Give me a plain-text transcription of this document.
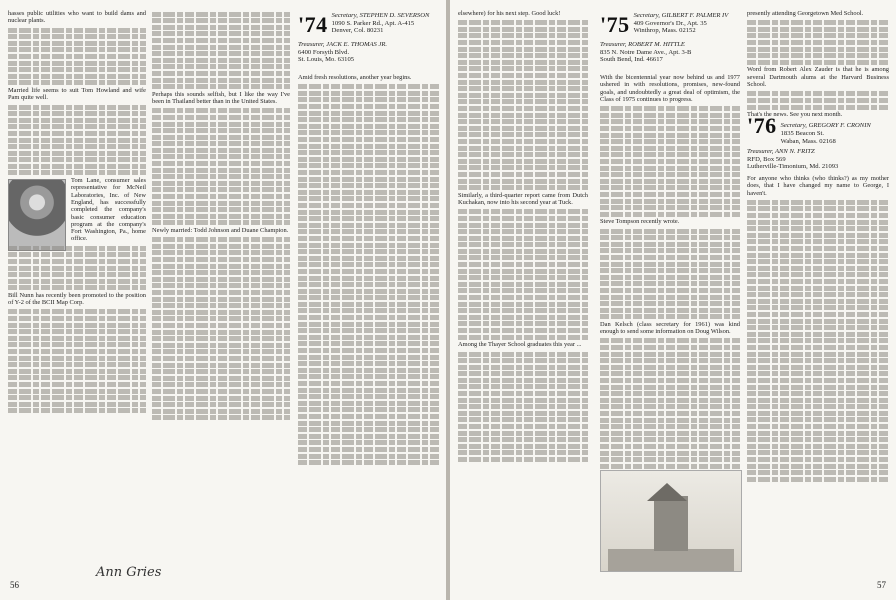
hasses public utilities who want to build dams and nuclear plants.

Married life seems to suit Tom Howland and wife Pam quite well.

Tom Lane, consumer sales representative for McNeil Laboratories, Inc. of New England, has successfully completed the company's basic consumer education program at the company's Fort Washington, Pa., home office.

Bill Nunn has recently been promoted to the position of Y-2 of the BCII Map Corp.

Perhaps this sounds selfish, but I like the way I've been in Thailand better than in the United States.

Newly married: Todd Johnson and Duane Champion.

Ann Gries
'74 Secretary, STEPHEN D. SEVERSON
1090 S. Parker Rd., Apt. A-415
Denver, Col. 80231
Treasurer, JACK E. THOMAS JR.
6400 Forsyth Blvd.
St. Louis, Mo. 63105

Amid fresh resolutions, another year begins.

56

elsewhere) for his next step. Good luck!

Similarly, a third-quarter report came from Dutch Kuchakan, now into his second year at Tuck.

Among the Thayer School graduates this year ...

'75 Secretary, GILBERT F. PALMER IV
409 Governor's Dr., Apt. 35
Winthrop, Mass. 02152
Treasurer, ROBERT M. HITTLE
835 N. Notre Dame Ave., Apt. 3-B
South Bend, Ind. 46617

With the bicentennial year now behind us and 1977 ushered in with resolutions, promises, new-found goals, and undoubtedly a great deal of optimism, the Class of 1975 continues to progress.

Steve Tompson recently wrote.

Dan Kelsch (class secretary for 1961) was kind enough to send some information on Doug Wilson.

presently attending Georgetown Med School.

Word from Robert Alex Zauder is that he is among several Dartmouth alums at the Harvard Business School.

That's the news. See you next month.

'76 Secretary, GREGORY F. CRONIN
1835 Beacon St.
Waban, Mass. 02168
Treasurer, ANN N. FRITZ
RFD, Box 569
Lutherville-Timonium, Md. 21093

For anyone who thinks (who thinks?) as my mother does, that I have changed my name to George, I haven't.

57
